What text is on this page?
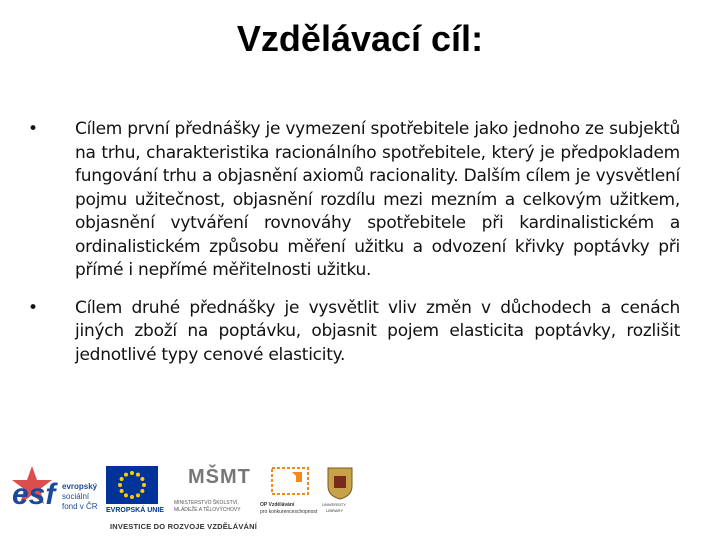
Vzdělávací cíl:
• Cílem první přednášky je vymezení spotřebitele jako jednoho ze subjektů na trhu, charakteristika racionálního spotřebitele, který je předpokladem fungování trhu a objasnění axiomů racionality. Dalším cílem je vysvětlení pojmu užitečnost, objasnění rozdílu mezi mezním a celkovým užitkem, objasnění vytváření rovnováhy spotřebitele při kardinalistickém a ordinalistickém způsobu měření užitku a odvození křivky poptávky při přímé i nepřímé měřitelnosti užitku.
• Cílem druhé přednášky je vysvětlit vliv změn v důchodech a cenách jiných zboží na poptávku, objasnit pojem elasticita poptávky, rozlišit jednotlivé typy cenové elasticity.
esf evropský
sociální
fond v ČR EVROPSKÁ UNIE
MŠMT
MINISTERSTVO ŠKOLSTVÍ,
MLÁDEŽE A TĚLOVÝCHOVY
OP Vzdělávání
pro konkurenceschopnost
UNIVERSITY
LIBRARY
INVESTICE DO ROZVOJE VZDĚLÁVÁNÍ
